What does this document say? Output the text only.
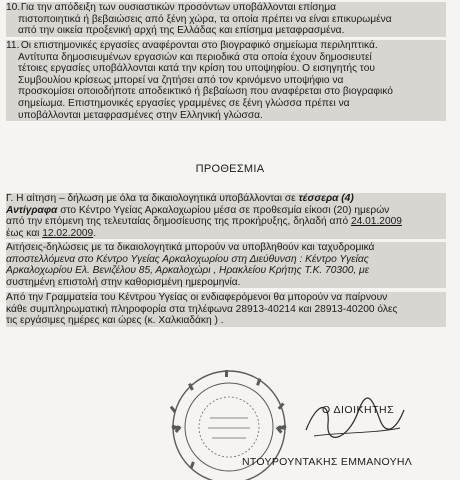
10. Για την απόδειξη των ουσιαστικών προσόντων υποβάλλονται επίσημα
πιστοποιητικά ή βεβαιώσεις από ξένη χώρα, τα οποία πρέπει να είναι επικυρωμένα
από την οικεία προξενική αρχή της Ελλάδας και επίσημα μεταφρασμένα.
11. Οι επιστημονικές εργασίες αναφέρονται στο βιογραφικό σημείωμα περιληπτικά.
Αντίτυπα δημοσιευμένων εργασιών και περιοδικά στα οποία έχουν δημοσιευτεί
τέτοιες εργασίες υποβάλλονται κατά την κρίση του υποψηφίου. Ο εισηγητής του
Συμβουλίου κρίσεως μπορεί να ζητήσει από τον κρινόμενο υποψήφιο να
προσκομίσει οποιοδήποτε αποδεικτικό ή βεβαίωση που αναφέρεται στο βιογραφικό
σημείωμα. Επιστημονικές εργασίες γραμμένες σε ξένη γλώσσα πρέπει να
υποβάλλονται μεταφρασμένες στην Ελληνική γλώσσα.
ΠΡΟΘΕΣΜΙΑ
Γ. Η αίτηση – δήλωση με όλα τα δικαιολογητικά υποβάλλονται σε τέσσερα (4)
Αντίγραφα στο Κέντρο Υγείας Αρκαλοχωρίου μέσα σε προθεσμία είκοσι (20) ημερών
από την επόμενη της τελευταίας δημοσίευσης της προκήρυξης, δηλαδή από 24.01.2009
έως και 12.02.2009.
Αιτήσεις-δηλώσεις με τα δικαιολογητικά μπορούν να υποβληθούν και ταχυδρομικά
αποστελλόμενα στο Κέντρο Υγείας Αρκαλοχωρίου στη Διεύθυνση : Κέντρο Υγείας
Αρκαλοχωρίου Ελ. Βενιζέλου 85, Αρκαλοχώρι , Ηρακλείου Κρήτης Τ.Κ. 70300, με
συστημένη επιστολή στην καθορισμένη ημερομηνία.
Από την Γραμματεία του Κέντρου Υγείας οι ενδιαφερόμενοι θα μπορούν να παίρνουν
κάθε συμπληρωματική πληροφορία στα τηλέφωνα 28913-40214 και 28913-40200 όλες
τις εργάσιμες ημέρες και ώρες (κ. Χαλκιαδάκη ) .
Ο ΔΙΟΙΚΗΤΗΣ
ΝΤΟΥΡΟΥΝΤΑΚΗΣ ΕΜΜΑΝΟΥΗΛ
